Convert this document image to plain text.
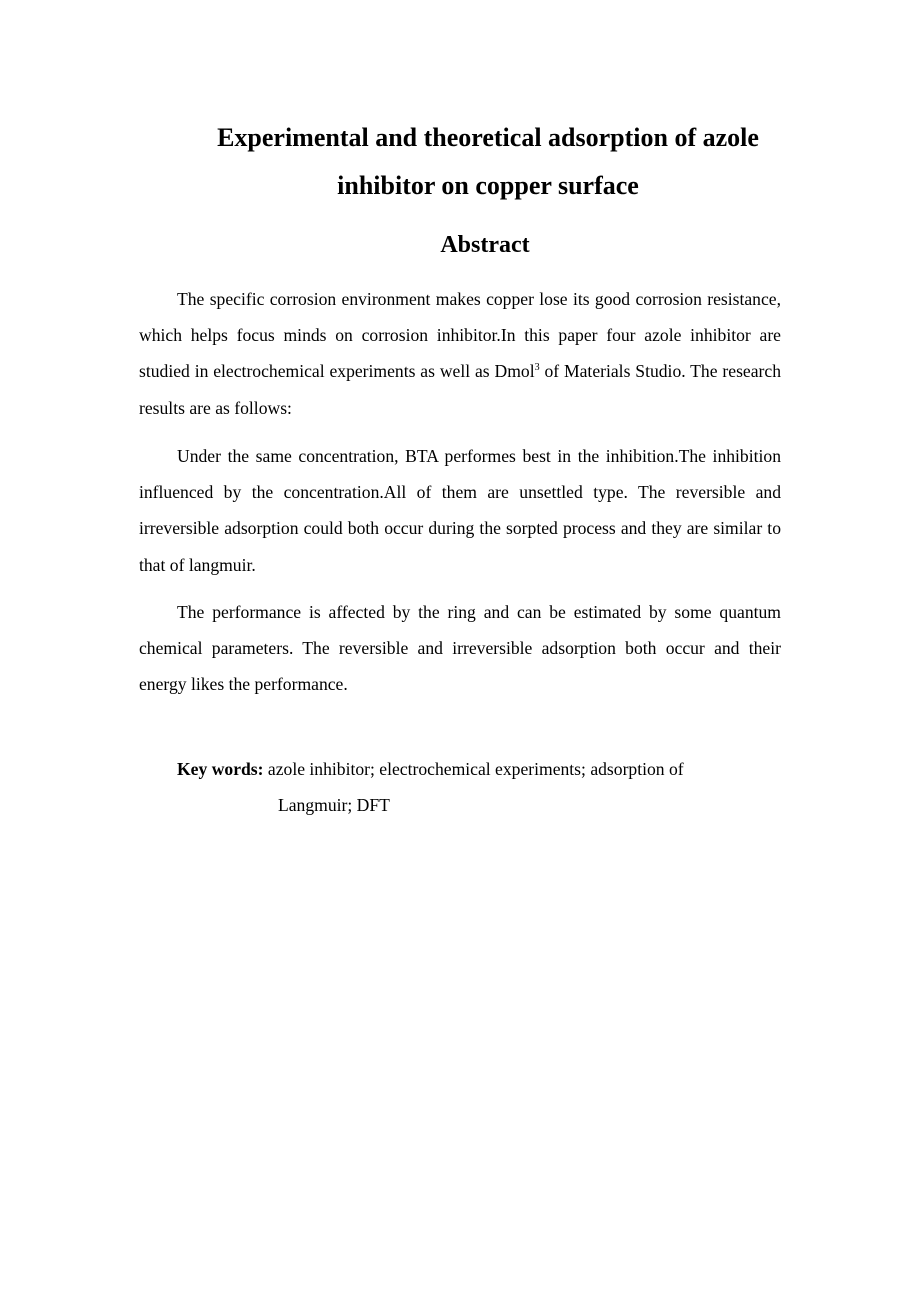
Experimental and theoretical adsorption of azole
inhibitor on copper surface
Abstract

The specific corrosion environment makes copper lose its good corrosion resistance, which helps focus minds on corrosion inhibitor.In this paper four azole inhibitor are studied in electrochemical experiments as well as Dmol$^3$ of Materials Studio. The research results are as follows:

Under the same concentration, BTA performes best in the inhibition.The inhibition influenced by the concentration.All of them are unsettled type. The reversible and irreversible adsorption could both occur during the sorpted process and they are similar to that of langmuir.

The performance is affected by the ring and can be estimated by some quantum chemical parameters. The reversible and irreversible adsorption both occur and their energy likes the performance.

Key words: azole inhibitor; electrochemical experiments; adsorption of
Langmuir; DFT
